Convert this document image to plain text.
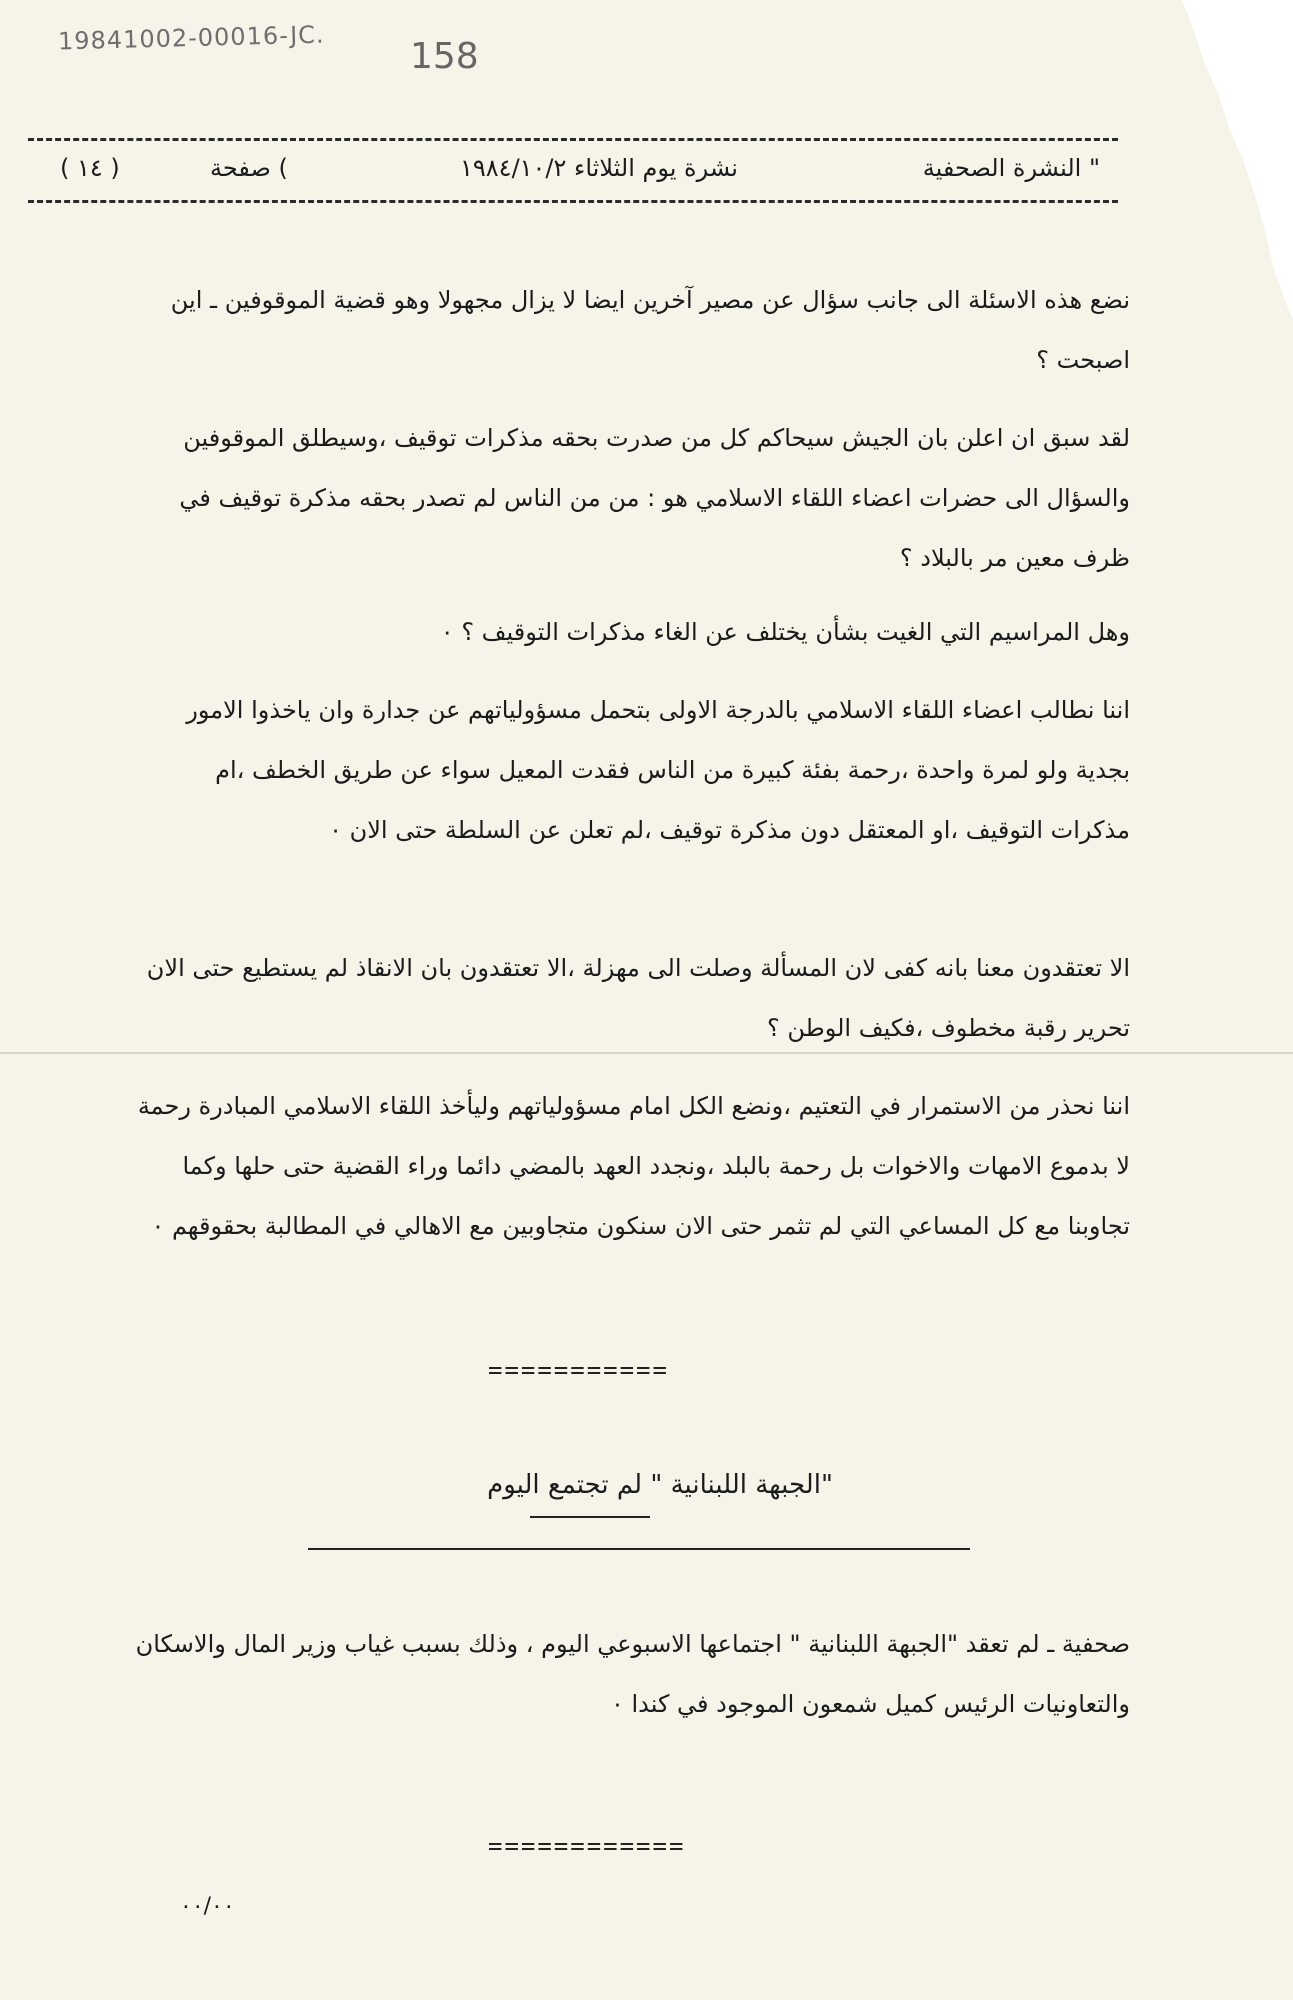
19841002-00016-JC. 158
النشرة الصحفية "
نشرة يوم الثلاثاء ١٩٨٤/١٠/٢
صفحة (
( ١٤ )

نضع هذه الاسئلة الى جانب سؤال عن مصير آخرين ايضا لا يزال مجهولا وهو قضية الموقوفين ـ اين اصبحت ؟

لقد سبق ان اعلن بان الجيش سيحاكم كل من صدرت بحقه مذكرات توقيف ،وسيطلق الموقوفين والسؤال الى حضرات اعضاء اللقاء الاسلامي هو : من من الناس لم تصدر بحقه مذكرة توقيف في ظرف معين مر بالبلاد ؟

وهل المراسيم التي الغيت بشأن يختلف عن الغاء مذكرات التوقيف ؟ ٠

اننا نطالب اعضاء اللقاء الاسلامي بالدرجة الاولى بتحمل مسؤولياتهم عن جدارة وان ياخذوا الامور بجدية ولو لمرة واحدة ،رحمة بفئة كبيرة من الناس فقدت المعيل سواء عن طريق الخطف ،ام مذكرات التوقيف ،او المعتقل دون مذكرة توقيف ،لم تعلن عن السلطة حتى الان ٠

الا تعتقدون معنا بانه كفى لان المسألة وصلت الى مهزلة ،الا تعتقدون بان الانقاذ لم يستطيع حتى الان تحرير رقبة مخطوف ،فكيف الوطن ؟

اننا نحذر من الاستمرار في التعتيم ،ونضع الكل امام مسؤولياتهم وليأخذ اللقاء الاسلامي المبادرة رحمة لا بدموع الامهات والاخوات بل رحمة بالبلد ،ونجدد العهد بالمضي دائما وراء القضية حتى حلها وكما تجاوبنا مع كل المساعي التي لم تثمر حتى الان سنكون متجاوبين مع الاهالي في المطالبة بحقوقهم ٠

===========
"الجبهة اللبنانية " لم تجتمع اليوم

صحفية ـ لم تعقد "الجبهة اللبنانية " اجتماعها الاسبوعي اليوم ، وذلك بسبب غياب وزير المال والاسكان والتعاونيات الرئيس كميل شمعون الموجود في كندا ٠

============
٠٠/٠٠
